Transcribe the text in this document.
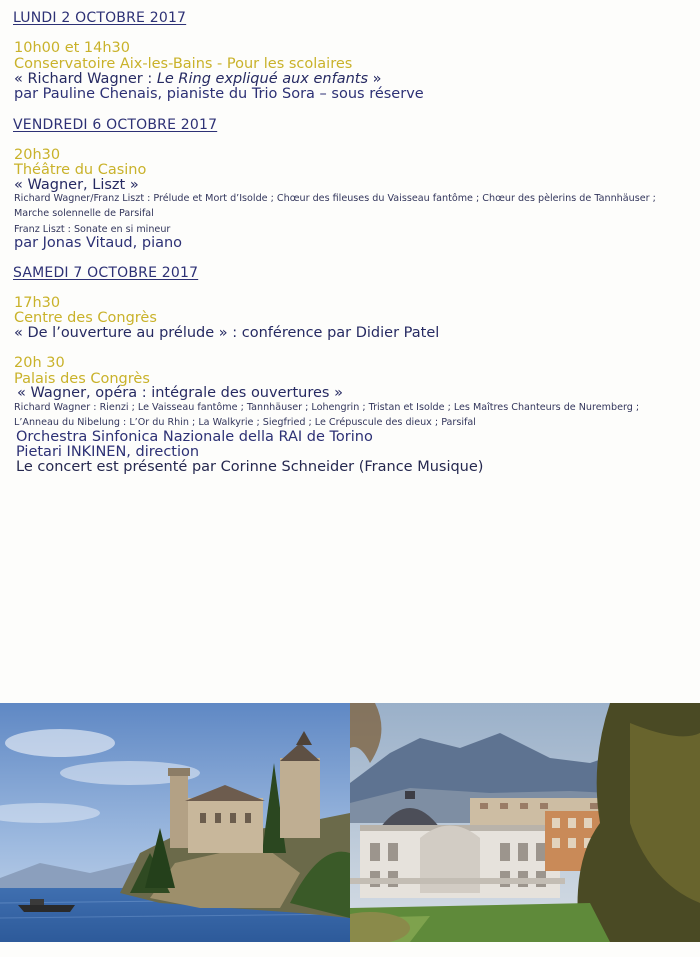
LUNDI 2 OCTOBRE 2017
10h00 et 14h30
Conservatoire Aix-les-Bains - Pour les scolaires
« Richard Wagner : Le Ring expliqué aux enfants »
par Pauline Chenais, pianiste du Trio Sora – sous réserve
VENDREDI 6 OCTOBRE 2017
20h30
Théâtre du Casino
« Wagner, Liszt »
Richard Wagner/Franz Liszt : Prélude et Mort d’Isolde ; Chœur des fileuses du Vaisseau fantôme ; Chœur des pèlerins de Tannhäuser ; Marche solennelle de Parsifal
Franz Liszt : Sonate en si mineur
par Jonas Vitaud, piano
SAMEDI 7 OCTOBRE 2017
17h30
Centre des Congrès
« De l’ouverture au prélude » : conférence par Didier Patel
20h 30
Palais des Congrès
« Wagner, opéra : intégrale des ouvertures »
Richard Wagner : Rienzi ; Le Vaisseau fantôme ; Tannhäuser ; Lohengrin ; Tristan et Isolde ; Les Maîtres Chanteurs de Nuremberg ; L’Anneau du Nibelung : L’Or du Rhin ; La Walkyrie ; Siegfried ; Le Crépuscule des dieux ; Parsifal
Orchestra Sinfonica Nazionale della RAI de Torino
Pietari INKINEN, direction
Le concert est présenté par Corinne Schneider (France Musique)
